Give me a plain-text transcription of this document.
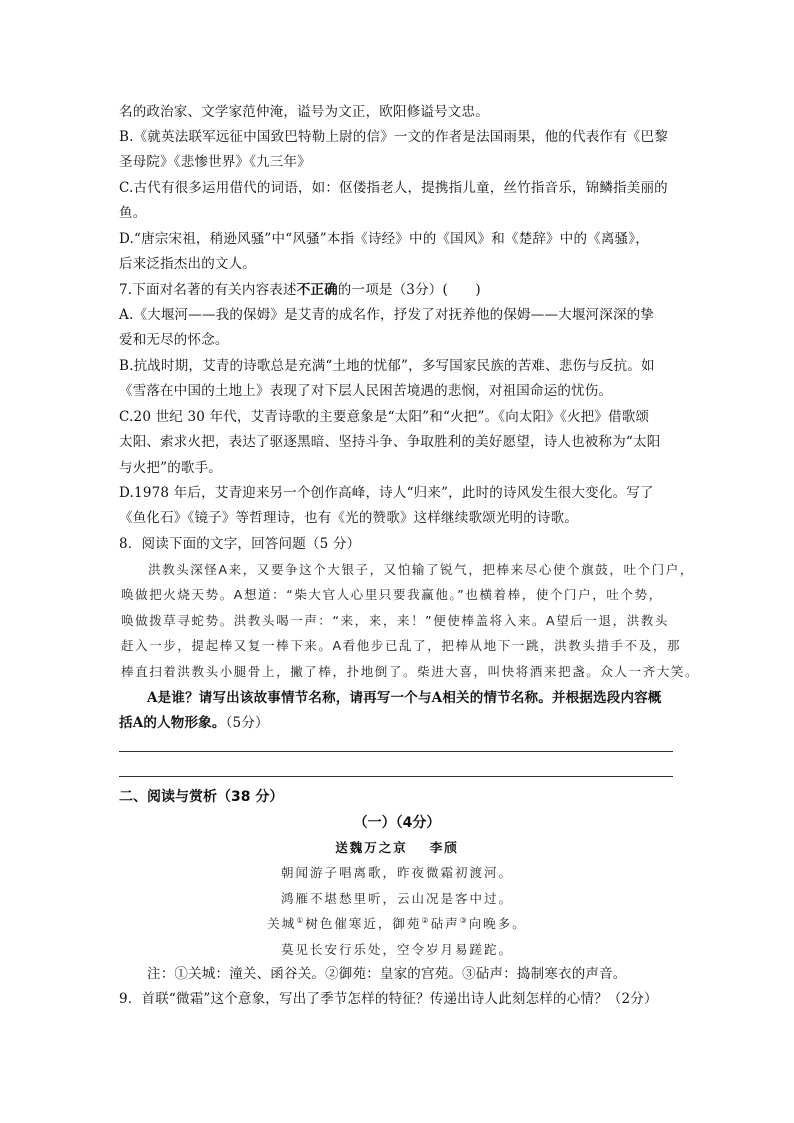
名的政治家、文学家范仲淹，谥号为文正，欧阳修谥号文忠。
B.《就英法联军远征中国致巴特勒上尉的信》一文的作者是法国雨果，他的代表作有《巴黎
圣母院》《悲惨世界》《九三年》
C.古代有很多运用借代的词语，如：伛偻指老人，提携指儿童，丝竹指音乐，锦鳞指美丽的
鱼。
D.“唐宗宋祖，稍逊风骚”中“风骚”本指《诗经》中的《国风》和《楚辞》中的《离骚》，
后来泛指杰出的文人。
7.下面对名著的有关内容表述不正确的一项是（3分）(　　)
A.《大堰河——我的保姆》是艾青的成名作，抒发了对抚养他的保姆——大堰河深深的挚
爱和无尽的怀念。
B.抗战时期，艾青的诗歌总是充满“土地的忧郁”，多写国家民族的苦难、悲伤与反抗。如
《雪落在中国的土地上》表现了对下层人民困苦境遇的悲悯，对祖国命运的忧伤。
C.20 世纪 30 年代，艾青诗歌的主要意象是“太阳”和“火把”。《向太阳》《火把》借歌颂
太阳、索求火把，表达了驱逐黑暗、坚持斗争、争取胜利的美好愿望，诗人也被称为“太阳
与火把”的歌手。
D.1978 年后，艾青迎来另一个创作高峰，诗人“归来”，此时的诗风发生很大变化。写了
《鱼化石》《镜子》等哲理诗，也有《光的赞歌》这样继续歌颂光明的诗歌。
8．阅读下面的文字，回答问题（5 分）
洪教头深怪A来，又要争这个大银子，又怕输了锐气，把棒来尽心使个旗鼓，吐个门户，
唤做把火烧天势。A想道：“柴大官人心里只要我赢他。”也横着棒，使个门户，吐个势，
唤做拨草寻蛇势。洪教头喝一声：“来，来，来！”便使棒盖将入来。A望后一退，洪教头
赶入一步，提起棒又复一棒下来。A看他步已乱了，把棒从地下一跳，洪教头措手不及，那
棒直扫着洪教头小腿骨上，撇了棒，扑地倒了。柴进大喜，叫快将酒来把盏。众人一齐大笑。
A是谁？请写出该故事情节名称，请再写一个与A相关的情节名称。并根据选段内容概
括A的人物形象。（5分）
二、阅读与赏析（38 分）
（一）（4分）
送魏万之京 李颀
朝闻游子唱离歌，昨夜微霜初渡河。
鸿雁不堪愁里听，云山况是客中过。
关城①树色催寒近，御苑②砧声③向晚多。
莫见长安行乐处，空令岁月易蹉跎。
注：①关城：潼关、函谷关。②御苑：皇家的宫苑。③砧声：捣制寒衣的声音。
9．首联“微霜”这个意象，写出了季节怎样的特征？传递出诗人此刻怎样的心情？（2分）
